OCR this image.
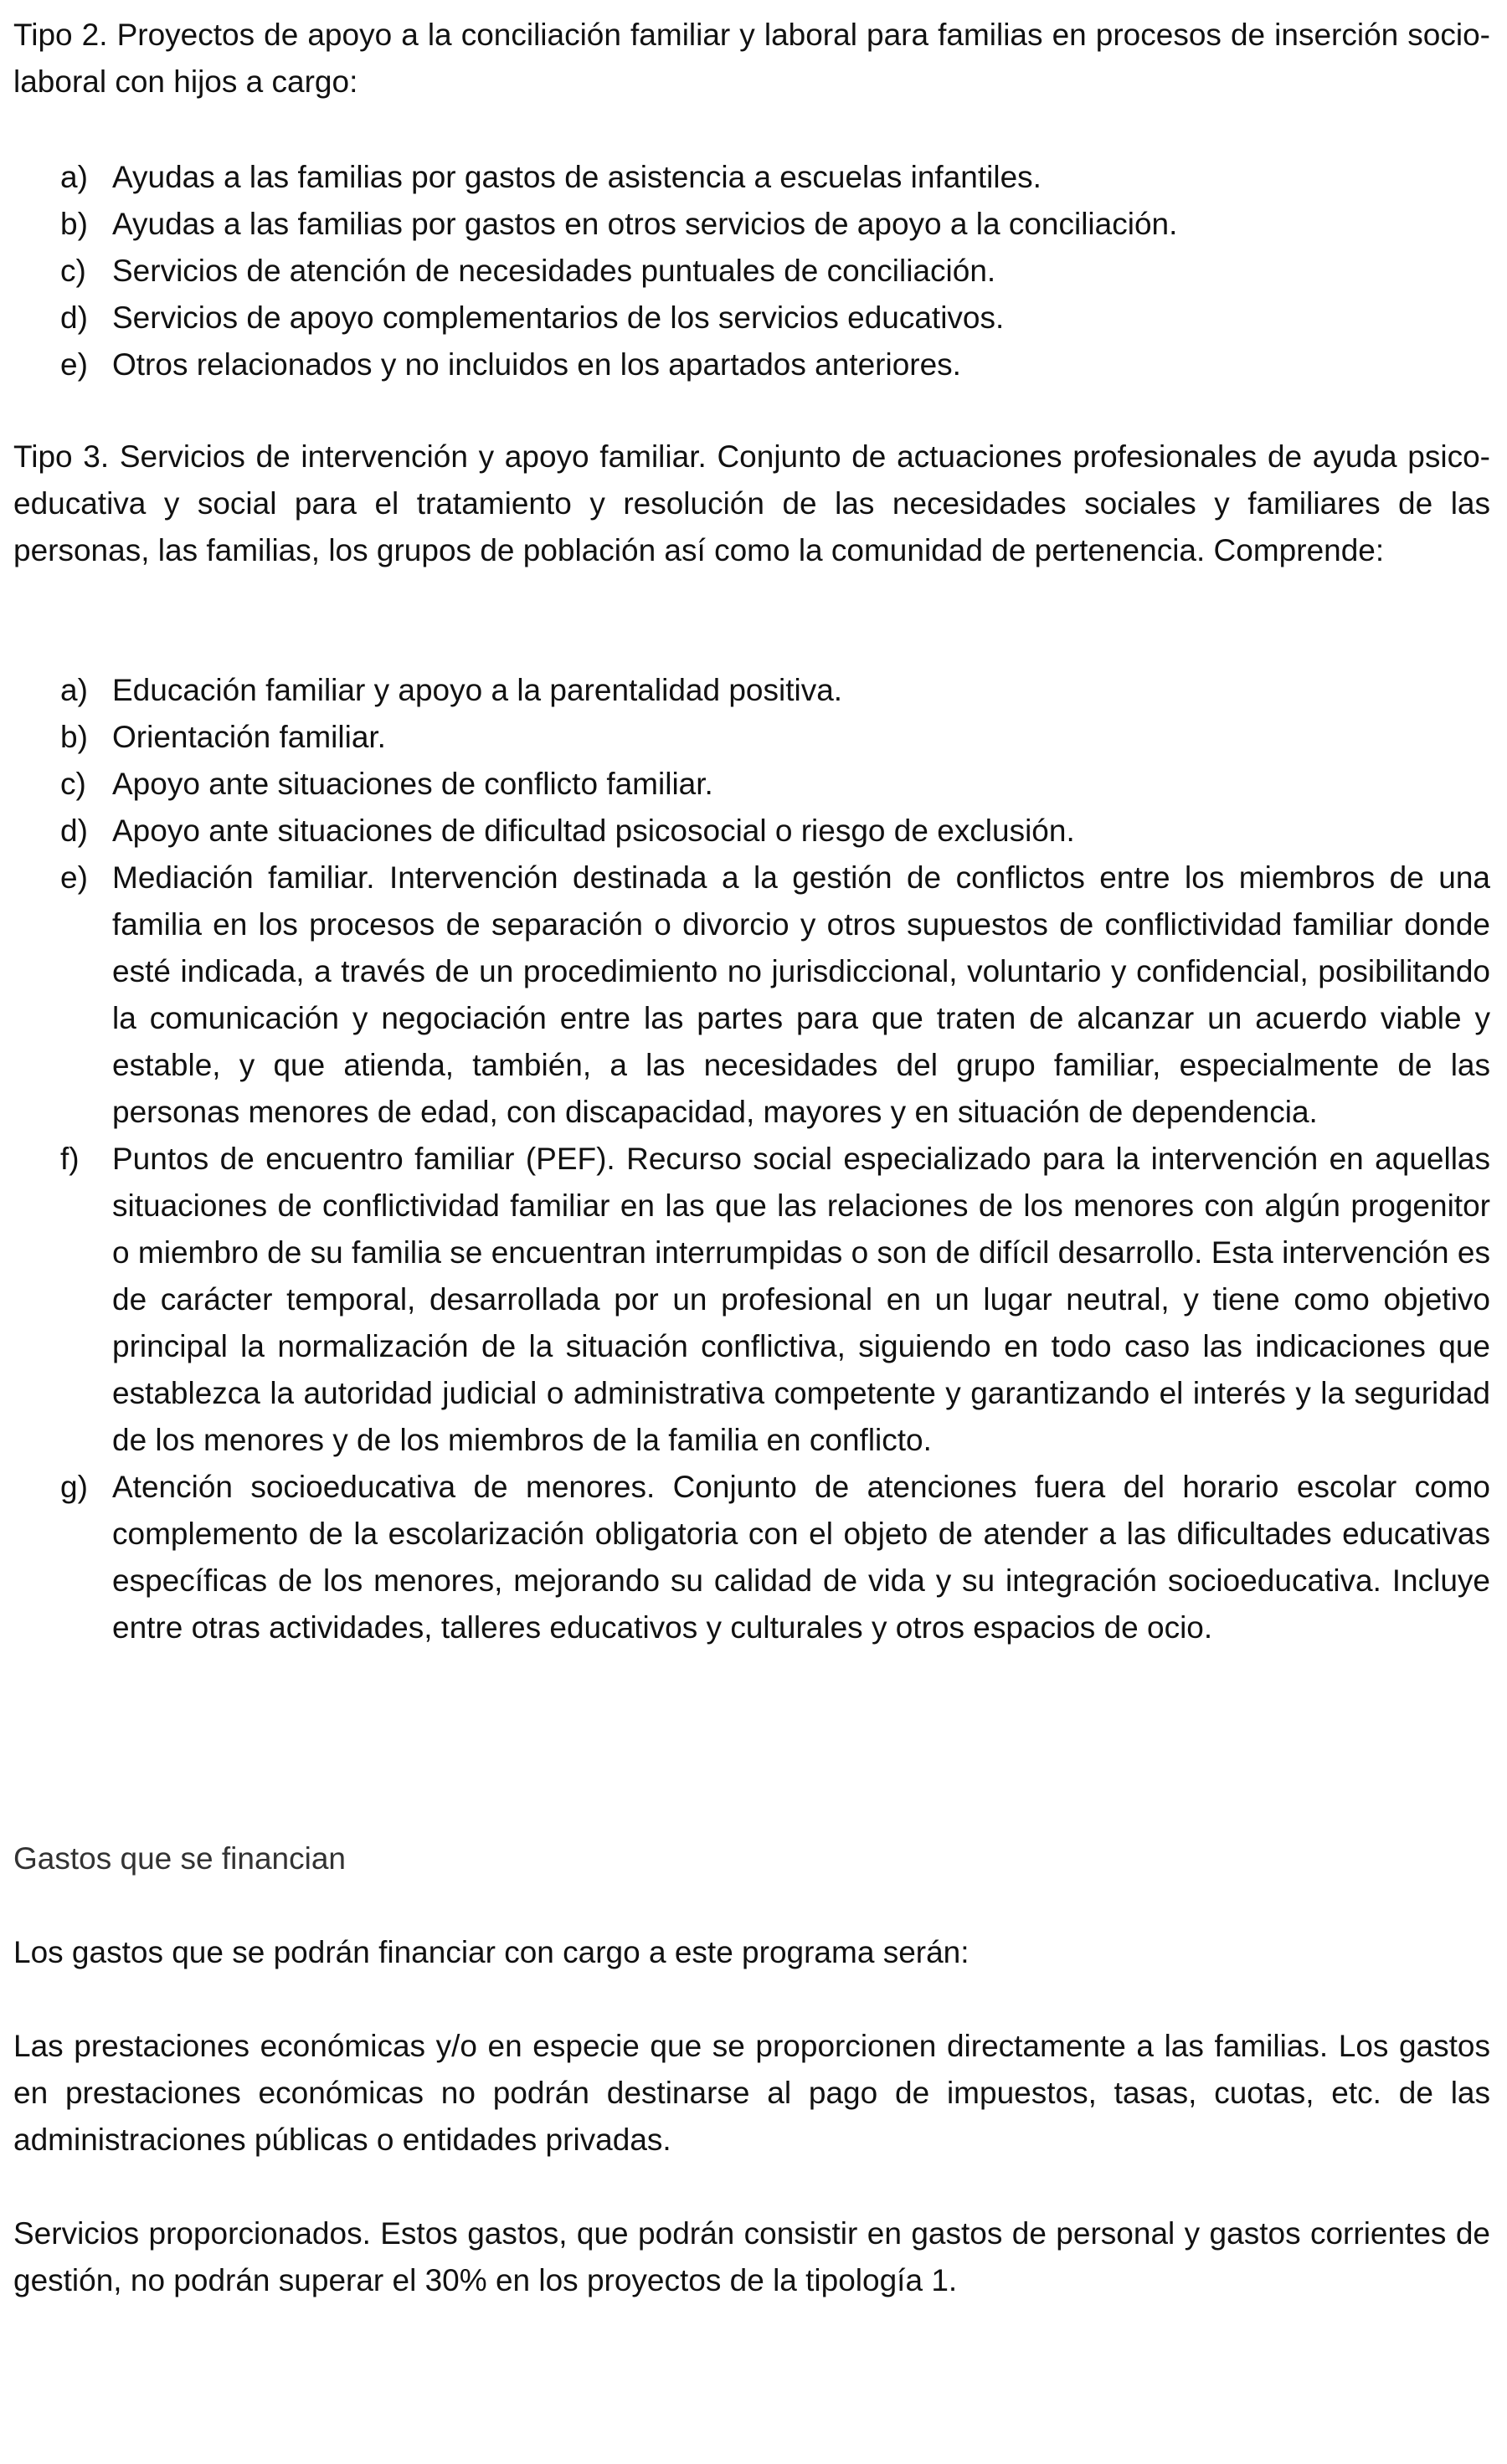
Tipo 2. Proyectos de apoyo a la conciliación familiar y laboral para familias en procesos de inserción socio-laboral con hijos a cargo:

a) Ayudas a las familias por gastos de asistencia a escuelas infantiles.
b) Ayudas a las familias por gastos en otros servicios de apoyo a la conciliación.
c) Servicios de atención de necesidades puntuales de conciliación.
d) Servicios de apoyo complementarios de los servicios educativos.
e) Otros relacionados y no incluidos en los apartados anteriores.

Tipo 3. Servicios de intervención y apoyo familiar. Conjunto de actuaciones profesionales de ayuda psico-educativa y social para el tratamiento y resolución de las necesidades sociales y familiares de las personas, las familias, los grupos de población así como la comunidad de pertenencia. Comprende:

a) Educación familiar y apoyo a la parentalidad positiva.
b) Orientación familiar.
c) Apoyo ante situaciones de conflicto familiar.
d) Apoyo ante situaciones de dificultad psicosocial o riesgo de exclusión.
e) Mediación familiar. Intervención destinada a la gestión de conflictos entre los miembros de una familia en los procesos de separación o divorcio y otros supuestos de conflictividad familiar donde esté indicada, a través de un procedimiento no jurisdiccional, voluntario y confidencial, posibilitando la comunicación y negociación entre las partes para que traten de alcanzar un acuerdo viable y estable, y que atienda, también, a las necesidades del grupo familiar, especialmente de las personas menores de edad, con discapacidad, mayores y en situación de dependencia.
f)	Puntos de encuentro familiar (PEF). Recurso social especializado para la intervención en aquellas situaciones de conflictividad familiar en las que las relaciones de los menores con algún progenitor o miembro de su familia se encuentran interrumpidas o son de difícil desarrollo. Esta intervención es de carácter temporal, desarrollada por un profesional en un lugar neutral, y tiene como objetivo principal la normalización de la situación conflictiva, siguiendo en todo caso las indicaciones que establezca la autoridad judicial o administrativa competente y garantizando el interés y la seguridad de los menores y de los miembros de la familia en conflicto.
g) Atención socioeducativa de menores. Conjunto de atenciones fuera del horario escolar como complemento de la escolarización obligatoria con el objeto de atender a las dificultades educativas específicas de los menores, mejorando su calidad de vida y su integración socioeducativa. Incluye entre otras actividades, talleres educativos y culturales y otros espacios de ocio.

Gastos que se financian

Los gastos que se podrán financiar con cargo a este programa serán:

Las prestaciones económicas y/o en especie que se proporcionen directamente a las familias. Los gastos en prestaciones económicas no podrán destinarse al pago de impuestos, tasas, cuotas, etc. de las administraciones públicas o entidades privadas.

Servicios proporcionados. Estos gastos, que podrán consistir en gastos de personal y gastos corrientes de gestión, no podrán superar el 30% en los proyectos de la tipología 1.
